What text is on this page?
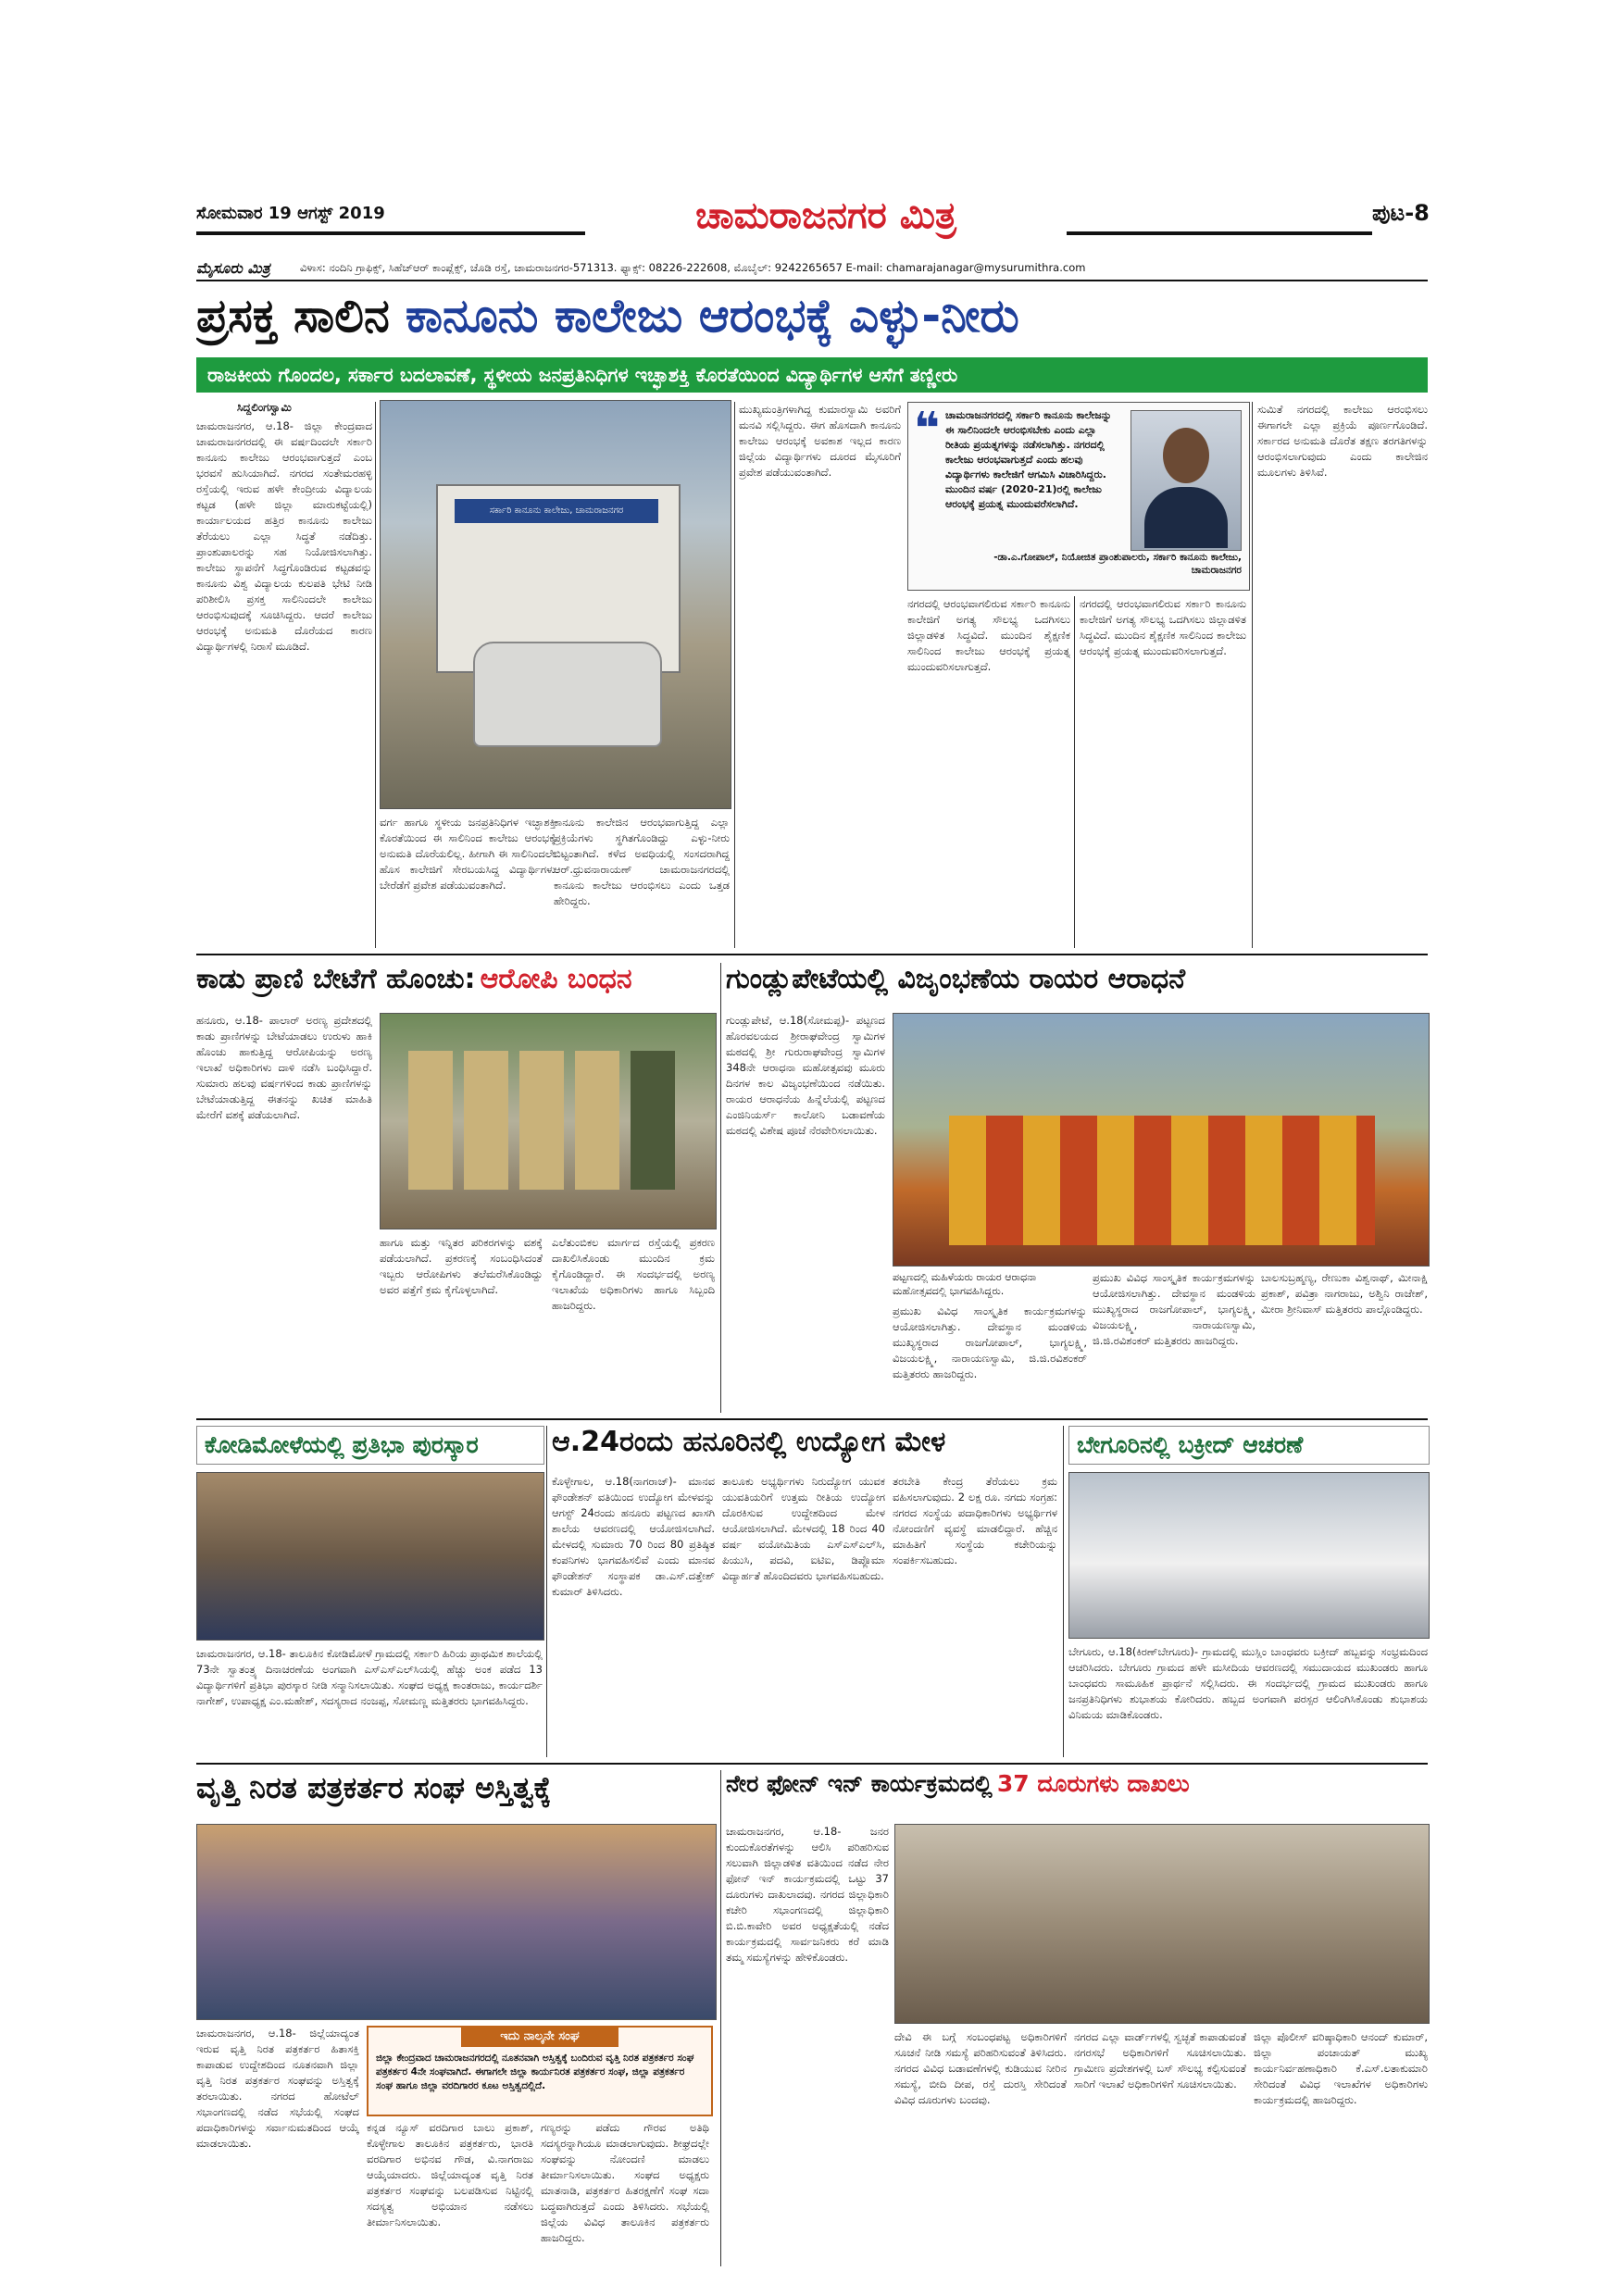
ಸೋಮವಾರ 19 ಆಗಸ್ಟ್ 2019	ಚಾಮರಾಜನಗರ ಮಿತ್ರ	ಪುಟ-8
ಮೈಸೂರು ಮಿತ್ರ	ವಿಳಾಸ: ನಂದಿನಿ ಗ್ರಾಫಿಕ್ಸ್, ಸಿಹೆಚ್ಆರ್ ಕಾಂಪ್ಲೆಕ್ಸ್, ಚೊಡಿ ರಸ್ತೆ, ಚಾಮರಾಜನಗರ-571313. ಫ್ಯಾಕ್ಸ್: 08226-222608, ಮೊಬೈಲ್: 9242265657 E-mail: chamarajanagar@mysurumithra.com
ಪ್ರಸಕ್ತ ಸಾಲಿನ ಕಾನೂನು ಕಾಲೇಜು ಆರಂಭಕ್ಕೆ ಎಳ್ಳು-ನೀರು
ರಾಜಕೀಯ ಗೊಂದಲ, ಸರ್ಕಾರ ಬದಲಾವಣೆ, ಸ್ಥಳೀಯ ಜನಪ್ರತಿನಿಧಿಗಳ ಇಚ್ಛಾಶಕ್ತಿ ಕೊರತೆಯಿಂದ ವಿದ್ಯಾರ್ಥಿಗಳ ಆಸೆಗೆ ತಣ್ಣೀರು
ಸಿದ್ದಲಿಂಗಸ್ವಾಮಿ
ಚಾಮರಾಜನಗರ, ಆ.18- ಜಿಲ್ಲಾ ಕೇಂದ್ರವಾದ ಚಾಮರಾಜನಗರದಲ್ಲಿ ಈ ವರ್ಷದಿಂದಲೇ ಸರ್ಕಾರಿ ಕಾನೂನು ಕಾಲೇಜು ಆರಂಭವಾಗುತ್ತದೆ ಎಂಬ ಭರವಸೆ ಹುಸಿಯಾಗಿದೆ. ನಗರದ ಸಂತೇಮರಹಳ್ಳಿ ರಸ್ತೆಯಲ್ಲಿ ಇರುವ ಹಳೇ ಕೇಂದ್ರೀಯ ವಿದ್ಯಾಲಯ ಕಟ್ಟಡ (ಹಳೇ ಜಿಲ್ಲಾ ಮಾರುಕಟ್ಟೆಯಲ್ಲಿ) ಕಾರ್ಯಾಲಯದ ಹತ್ತಿರ ಕಾನೂನು ಕಾಲೇಜು ತೆರೆಯಲು ಎಲ್ಲಾ ಸಿದ್ಧತೆ ನಡೆದಿತ್ತು. ಪ್ರಾಂಶುಪಾಲರನ್ನು ಸಹ ನಿಯೋಜಿಸಲಾಗಿತ್ತು. ಕಾಲೇಜು ಸ್ಥಾಪನೆಗೆ ಸಿದ್ಧಗೊಂಡಿರುವ ಕಟ್ಟಡವನ್ನು ಕಾನೂನು ವಿಶ್ವ ವಿದ್ಯಾಲಯ ಕುಲಪತಿ ಭೇಟಿ ನೀಡಿ ಪರಿಶೀಲಿಸಿ ಪ್ರಸಕ್ತ ಸಾಲಿನಿಂದಲೇ ಕಾಲೇಜು ಆರಂಭಿಸುವುದಕ್ಕೆ ಸೂಚಿಸಿದ್ದರು. ಆದರೆ ಕಾಲೇಜು ಆರಂಭಕ್ಕೆ ಅನುಮತಿ ದೊರೆಯದ ಕಾರಣ ವಿದ್ಯಾರ್ಥಿಗಳಲ್ಲಿ ನಿರಾಸೆ ಮೂಡಿದೆ.
ಸರ್ಕಾರಿ ಕಾನೂನು ಕಾಲೇಜು, ಚಾಮರಾಜನಗರ
ವರ್ಗ ಹಾಗೂ ಸ್ಥಳೀಯ ಜನಪ್ರತಿನಿಧಿಗಳ ಇಚ್ಛಾಶಕ್ತಿ ಕೊರತೆಯಿಂದ ಈ ಸಾಲಿನಿಂದ ಕಾಲೇಜು ಆರಂಭಕ್ಕೆ ಅನುಮತಿ ದೊರೆಯಲಿಲ್ಲ. ಹೀಗಾಗಿ ಈ ಸಾಲಿನಿಂದಲೇ ಹೊಸ ಕಾಲೇಜಿಗೆ ಸೇರಬಯಸಿದ್ದ ವಿದ್ಯಾರ್ಥಿಗಳು ಬೇರೆಡೆಗೆ ಪ್ರವೇಶ ಪಡೆಯುವಂತಾಗಿದೆ.
ಕಾನೂನು ಕಾಲೇಜಿನ ಆರಂಭವಾಗುತ್ತಿದ್ದ ಎಲ್ಲಾ ಪ್ರಕ್ರಿಯೆಗಳು ಸ್ಥಗಿತಗೊಂಡಿದ್ದು ಎಳ್ಳು-ನೀರು ಬಿಟ್ಟಂತಾಗಿದೆ. ಕಳೆದ ಅವಧಿಯಲ್ಲಿ ಸಂಸದರಾಗಿದ್ದ ಆರ್.ಧ್ರುವನಾರಾಯಣ್ ಚಾಮರಾಜನಗರದಲ್ಲಿ ಕಾನೂನು ಕಾಲೇಜು ಆರಂಭಿಸಲು ಎಂದು ಒತ್ತಡ ಹೇರಿದ್ದರು.
ಮುಖ್ಯಮಂತ್ರಿಗಳಾಗಿದ್ದ ಕುಮಾರಸ್ವಾಮಿ ಅವರಿಗೆ ಮನವಿ ಸಲ್ಲಿಸಿದ್ದರು. ಈಗ ಹೊಸದಾಗಿ ಕಾನೂನು ಕಾಲೇಜು ಆರಂಭಕ್ಕೆ ಅವಕಾಶ ಇಲ್ಲದ ಕಾರಣ ಜಿಲ್ಲೆಯ ವಿದ್ಯಾರ್ಥಿಗಳು ದೂರದ ಮೈಸೂರಿಗೆ ಪ್ರವೇಶ ಪಡೆಯುವಂತಾಗಿದೆ.
❝ ಚಾಮರಾಜನಗರದಲ್ಲಿ ಸರ್ಕಾರಿ ಕಾನೂನು ಕಾಲೇಜನ್ನು ಈ ಸಾಲಿನಿಂದಲೇ ಆರಂಭಿಸಬೇಕು ಎಂದು ಎಲ್ಲಾ ರೀತಿಯ ಪ್ರಯತ್ನಗಳನ್ನು ನಡೆಸಲಾಗಿತ್ತು. ನಗರದಲ್ಲಿ ಕಾಲೇಜು ಆರಂಭವಾಗುತ್ತದೆ ಎಂದು ಹಲವು ವಿದ್ಯಾರ್ಥಿಗಳು ಕಾಲೇಜಿಗೆ ಆಗಮಿಸಿ ವಿಚಾರಿಸಿದ್ದರು. ಮುಂದಿನ ವರ್ಷ (2020-21)ರಲ್ಲಿ ಕಾಲೇಜು ಆರಂಭಕ್ಕೆ ಪ್ರಯತ್ನ ಮುಂದುವರೆಸಲಾಗಿದೆ.
-ಡಾ.ಎ.ಗೋಪಾಲ್, ನಿಯೋಜಿತ ಪ್ರಾಂಶುಪಾಲರು, ಸರ್ಕಾರಿ ಕಾನೂನು ಕಾಲೇಜು, ಚಾಮರಾಜನಗರ
ನಗರದಲ್ಲಿ ಆರಂಭವಾಗಲಿರುವ ಸರ್ಕಾರಿ ಕಾನೂನು ಕಾಲೇಜಿಗೆ ಅಗತ್ಯ ಸೌಲಭ್ಯ ಒದಗಿಸಲು ಜಿಲ್ಲಾಡಳಿತ ಸಿದ್ಧವಿದೆ. ಮುಂದಿನ ಶೈಕ್ಷಣಿಕ ಸಾಲಿನಿಂದ ಕಾಲೇಜು ಆರಂಭಕ್ಕೆ ಪ್ರಯತ್ನ ಮುಂದುವರಿಸಲಾಗುತ್ತದೆ.
ನಗರದಲ್ಲಿ ಆರಂಭವಾಗಲಿರುವ ಸರ್ಕಾರಿ ಕಾನೂನು ಕಾಲೇಜಿಗೆ ಅಗತ್ಯ ಸೌಲಭ್ಯ ಒದಗಿಸಲು ಜಿಲ್ಲಾಡಳಿತ ಸಿದ್ಧವಿದೆ. ಮುಂದಿನ ಶೈಕ್ಷಣಿಕ ಸಾಲಿನಿಂದ ಕಾಲೇಜು ಆರಂಭಕ್ಕೆ ಪ್ರಯತ್ನ ಮುಂದುವರಿಸಲಾಗುತ್ತದೆ.
ಸುಮಿತೆ ನಗರದಲ್ಲಿ ಕಾಲೇಜು ಆರಂಭಿಸಲು ಈಗಾಗಲೇ ಎಲ್ಲಾ ಪ್ರಕ್ರಿಯೆ ಪೂರ್ಣಗೊಂಡಿದೆ. ಸರ್ಕಾರದ ಅನುಮತಿ ದೊರೆತ ತಕ್ಷಣ ತರಗತಿಗಳನ್ನು ಆರಂಭಿಸಲಾಗುವುದು ಎಂದು ಕಾಲೇಜಿನ ಮೂಲಗಳು ತಿಳಿಸಿವೆ.
ಕಾಡು ಪ್ರಾಣಿ ಬೇಟೆಗೆ ಹೊಂಚು: ಆರೋಪಿ ಬಂಧನ
ಹನೂರು, ಆ.18- ಪಾಲಾರ್ ಅರಣ್ಯ ಪ್ರದೇಶದಲ್ಲಿ ಕಾಡು ಪ್ರಾಣಿಗಳನ್ನು ಬೇಟೆಯಾಡಲು ಉರುಳು ಹಾಕಿ ಹೊಂಚು ಹಾಕುತ್ತಿದ್ದ ಆರೋಪಿಯನ್ನು ಅರಣ್ಯ ಇಲಾಖೆ ಅಧಿಕಾರಿಗಳು ದಾಳಿ ನಡೆಸಿ ಬಂಧಿಸಿದ್ದಾರೆ. ಸುಮಾರು ಹಲವು ವರ್ಷಗಳಿಂದ ಕಾಡು ಪ್ರಾಣಿಗಳನ್ನು ಬೇಟೆಯಾಡುತ್ತಿದ್ದ ಈತನನ್ನು ಖಚಿತ ಮಾಹಿತಿ ಮೇರೆಗೆ ವಶಕ್ಕೆ ಪಡೆಯಲಾಗಿದೆ.
ಹಾಗೂ ಮತ್ತು ಇನ್ನಿತರ ಪರಿಕರಗಳನ್ನು ವಶಕ್ಕೆ ಪಡೆಯಲಾಗಿದೆ. ಪ್ರಕರಣಕ್ಕೆ ಸಂಬಂಧಿಸಿದಂತೆ ಇಬ್ಬರು ಆರೋಪಿಗಳು ತಲೆಮರೆಸಿಕೊಂಡಿದ್ದು ಅವರ ಪತ್ತೆಗೆ ಕ್ರಮ ಕೈಗೊಳ್ಳಲಾಗಿದೆ.
ಎಲೆತುಂಬಿಕಲ ಮಾರ್ಗದ ರಸ್ತೆಯಲ್ಲಿ ಪ್ರಕರಣ ದಾಖಲಿಸಿಕೊಂಡು ಮುಂದಿನ ಕ್ರಮ ಕೈಗೊಂಡಿದ್ದಾರೆ. ಈ ಸಂದರ್ಭದಲ್ಲಿ ಅರಣ್ಯ ಇಲಾಖೆಯ ಅಧಿಕಾರಿಗಳು ಹಾಗೂ ಸಿಬ್ಬಂದಿ ಹಾಜರಿದ್ದರು.
ಗುಂಡ್ಲುಪೇಟೆಯಲ್ಲಿ ವಿಜೃಂಭಣೆಯ ರಾಯರ ಆರಾಧನೆ
ಗುಂಡ್ಲುಪೇಟೆ, ಆ.18(ಸೋಮಪ್ಪ)- ಪಟ್ಟಣದ ಹೊರವಲಯದ ಶ್ರೀರಾಘವೇಂದ್ರ ಸ್ವಾಮಿಗಳ ಮಠದಲ್ಲಿ ಶ್ರೀ ಗುರುರಾಘವೇಂದ್ರ ಸ್ವಾಮಿಗಳ 348ನೇ ಆರಾಧನಾ ಮಹೋತ್ಸವವು ಮೂರು ದಿನಗಳ ಕಾಲ ವಿಜೃಂಭಣೆಯಿಂದ ನಡೆಯಿತು. ರಾಯರ ಆರಾಧನೆಯ ಹಿನ್ನೆಲೆಯಲ್ಲಿ ಪಟ್ಟಣದ ಎಂಜಿನಿಯರ್ಸ್ ಕಾಲೋನಿ ಬಡಾವಣೆಯ ಮಠದಲ್ಲಿ ವಿಶೇಷ ಪೂಜೆ ನೆರವೇರಿಸಲಾಯಿತು.
ಪಟ್ಟಣದಲ್ಲಿ ಮಹಿಳೆಯರು ರಾಯರ ಆರಾಧನಾ ಮಹೋತ್ಸವದಲ್ಲಿ ಭಾಗವಹಿಸಿದ್ದರು.
ಪ್ರಮುಖ ವಿವಿಧ ಸಾಂಸ್ಕೃತಿಕ ಕಾರ್ಯಕ್ರಮಗಳನ್ನು ಆಯೋಜಿಸಲಾಗಿತ್ತು. ದೇವಸ್ಥಾನ ಮಂಡಳಿಯ ಮುಖ್ಯಸ್ಥರಾದ ರಾಜಗೋಪಾಲ್, ಭಾಗ್ಯಲಕ್ಷ್ಮಿ, ವಿಜಯಲಕ್ಷ್ಮಿ, ನಾರಾಯಣಸ್ವಾಮಿ, ಜಿ.ಜಿ.ರವಿಶಂಕರ್ ಮತ್ತಿತರರು ಹಾಜರಿದ್ದರು.
ಪ್ರಮುಖ ವಿವಿಧ ಸಾಂಸ್ಕೃತಿಕ ಕಾರ್ಯಕ್ರಮಗಳನ್ನು ಆಯೋಜಿಸಲಾಗಿತ್ತು. ದೇವಸ್ಥಾನ ಮಂಡಳಿಯ ಮುಖ್ಯಸ್ಥರಾದ ರಾಜಗೋಪಾಲ್, ಭಾಗ್ಯಲಕ್ಷ್ಮಿ, ವಿಜಯಲಕ್ಷ್ಮಿ, ನಾರಾಯಣಸ್ವಾಮಿ, ಜಿ.ಜಿ.ರವಿಶಂಕರ್ ಮತ್ತಿತರರು ಹಾಜರಿದ್ದರು.
ಬಾಲಸುಬ್ರಹ್ಮಣ್ಯ, ರೇಣುಕಾ ವಿಶ್ವನಾಥ್, ಮೀನಾಕ್ಷಿ ಪ್ರಕಾಶ್, ಪವಿತ್ರಾ ನಾಗರಾಜು, ಅಶ್ವಿನಿ ರಾಜೇಶ್, ಮೀರಾ ಶ್ರೀನಿವಾಸ್ ಮತ್ತಿತರರು ಪಾಲ್ಗೊಂಡಿದ್ದರು.
ಕೋಡಿಮೋಳೆಯಲ್ಲಿ ಪ್ರತಿಭಾ ಪುರಸ್ಕಾರ
ಚಾಮರಾಜನಗರ, ಆ.18- ತಾಲೂಕಿನ ಕೋಡಿಮೋಳೆ ಗ್ರಾಮದಲ್ಲಿ ಸರ್ಕಾರಿ ಹಿರಿಯ ಪ್ರಾಥಮಿಕ ಶಾಲೆಯಲ್ಲಿ 73ನೇ ಸ್ವಾತಂತ್ರ್ಯ ದಿನಾಚರಣೆಯ ಅಂಗವಾಗಿ ಎಸ್ಎಸ್ಎಲ್‌ಸಿಯಲ್ಲಿ ಹೆಚ್ಚು ಅಂಕ ಪಡೆದ 13 ವಿದ್ಯಾರ್ಥಿಗಳಿಗೆ ಪ್ರತಿಭಾ ಪುರಸ್ಕಾರ ನೀಡಿ ಸನ್ಮಾನಿಸಲಾಯಿತು. ಸಂಘದ ಅಧ್ಯಕ್ಷ ಕಾಂತರಾಜು, ಕಾರ್ಯದರ್ಶಿ ನಾಗೇಶ್, ಉಪಾಧ್ಯಕ್ಷ ಎಂ.ಮಹೇಶ್, ಸದಸ್ಯರಾದ ನಂಜಪ್ಪ, ಸೋಮಣ್ಣ ಮತ್ತಿತರರು ಭಾಗವಹಿಸಿದ್ದರು.
ಆ.24ರಂದು ಹನೂರಿನಲ್ಲಿ ಉದ್ಯೋಗ ಮೇಳ
ಕೊಳ್ಳೇಗಾಲ, ಆ.18(ನಾಗರಾಜ್)- ಮಾನವ ಫೌಂಡೇಶನ್ ವತಿಯಿಂದ ಉದ್ಯೋಗ ಮೇಳವನ್ನು ಆಗಸ್ಟ್ 24ರಂದು ಹನೂರು ಪಟ್ಟಣದ ಖಾಸಗಿ ಶಾಲೆಯ ಆವರಣದಲ್ಲಿ ಆಯೋಜಿಸಲಾಗಿದೆ. ಮೇಳದಲ್ಲಿ ಸುಮಾರು 70 ರಿಂದ 80 ಪ್ರತಿಷ್ಠಿತ ಕಂಪನಿಗಳು ಭಾಗವಹಿಸಲಿವೆ ಎಂದು ಮಾನವ ಫೌಂಡೇಶನ್ ಸಂಸ್ಥಾಪಕ ಡಾ.ಎಸ್.ದತ್ತೇಶ್ ಕುಮಾರ್ ತಿಳಿಸಿದರು.
ತಾಲೂಕು ಅಭ್ಯರ್ಥಿಗಳು ನಿರುದ್ಯೋಗ ಯುವಕ ಯುವತಿಯರಿಗೆ ಉತ್ತಮ ರೀತಿಯ ಉದ್ಯೋಗ ದೊರಕಿಸುವ ಉದ್ದೇಶದಿಂದ ಮೇಳ ಆಯೋಜಿಸಲಾಗಿದೆ. ಮೇಳದಲ್ಲಿ 18 ರಿಂದ 40 ವರ್ಷ ವಯೋಮಿತಿಯ ಎಸ್ಎಸ್ಎಲ್‌ಸಿ, ಪಿಯುಸಿ, ಪದವಿ, ಐಟಿಐ, ಡಿಪ್ಲೊಮಾ ವಿದ್ಯಾರ್ಹತೆ ಹೊಂದಿದವರು ಭಾಗವಹಿಸಬಹುದು.
ತರಬೇತಿ ಕೇಂದ್ರ ತೆರೆಯಲು ಕ್ರಮ ವಹಿಸಲಾಗುವುದು. 2 ಲಕ್ಷ ರೂ. ನಗದು ಸಂಗ್ರಹ: ನಗರದ ಸಂಸ್ಥೆಯ ಪದಾಧಿಕಾರಿಗಳು ಅಭ್ಯರ್ಥಿಗಳ ನೋಂದಣಿಗೆ ವ್ಯವಸ್ಥೆ ಮಾಡಲಿದ್ದಾರೆ. ಹೆಚ್ಚಿನ ಮಾಹಿತಿಗೆ ಸಂಸ್ಥೆಯ ಕಚೇರಿಯನ್ನು ಸಂಪರ್ಕಿಸಬಹುದು.
ಬೇಗೂರಿನಲ್ಲಿ ಬಕ್ರೀದ್ ಆಚರಣೆ
ಬೇಗೂರು, ಆ.18(ಕಿರಣ್‌ಬೇಗೂರು)- ಗ್ರಾಮದಲ್ಲಿ ಮುಸ್ಲಿಂ ಬಾಂಧವರು ಬಕ್ರೀದ್ ಹಬ್ಬವನ್ನು ಸಂಭ್ರಮದಿಂದ ಆಚರಿಸಿದರು. ಬೇಗೂರು ಗ್ರಾಮದ ಹಳೇ ಮಸೀದಿಯ ಆವರಣದಲ್ಲಿ ಸಮುದಾಯದ ಮುಖಂಡರು ಹಾಗೂ ಬಾಂಧವರು ಸಾಮೂಹಿಕ ಪ್ರಾರ್ಥನೆ ಸಲ್ಲಿಸಿದರು. ಈ ಸಂದರ್ಭದಲ್ಲಿ ಗ್ರಾಮದ ಮುಖಂಡರು ಹಾಗೂ ಜನಪ್ರತಿನಿಧಿಗಳು ಶುಭಾಶಯ ಕೋರಿದರು. ಹಬ್ಬದ ಅಂಗವಾಗಿ ಪರಸ್ಪರ ಆಲಿಂಗಿಸಿಕೊಂಡು ಶುಭಾಶಯ ವಿನಿಮಯ ಮಾಡಿಕೊಂಡರು.
ವೃತ್ತಿ ನಿರತ ಪತ್ರಕರ್ತರ ಸಂಘ ಅಸ್ತಿತ್ವಕ್ಕೆ
ಚಾಮರಾಜನಗರ, ಆ.18- ಜಿಲ್ಲೆಯಾದ್ಯಂತ ಇರುವ ವೃತ್ತಿ ನಿರತ ಪತ್ರಕರ್ತರ ಹಿತಾಸಕ್ತಿ ಕಾಪಾಡುವ ಉದ್ದೇಶದಿಂದ ನೂತನವಾಗಿ ಜಿಲ್ಲಾ ವೃತ್ತಿ ನಿರತ ಪತ್ರಕರ್ತರ ಸಂಘವನ್ನು ಅಸ್ತಿತ್ವಕ್ಕೆ ತರಲಾಯಿತು. ನಗರದ ಹೋಟೆಲ್ ಸಭಾಂಗಣದಲ್ಲಿ ನಡೆದ ಸಭೆಯಲ್ಲಿ ಸಂಘದ ಪದಾಧಿಕಾರಿಗಳನ್ನು ಸರ್ವಾನುಮತದಿಂದ ಆಯ್ಕೆ ಮಾಡಲಾಯಿತು.
ಇದು ನಾಲ್ಕನೇ ಸಂಘ
ಜಿಲ್ಲಾ ಕೇಂದ್ರವಾದ ಚಾಮರಾಜನಗರದಲ್ಲಿ ನೂತನವಾಗಿ ಅಸ್ತಿತ್ವಕ್ಕೆ ಬಂದಿರುವ ವೃತ್ತಿ ನಿರತ ಪತ್ರಕರ್ತರ ಸಂಘ ಪತ್ರಕರ್ತರ 4ನೇ ಸಂಘವಾಗಿದೆ. ಈಗಾಗಲೇ ಜಿಲ್ಲಾ ಕಾರ್ಯನಿರತ ಪತ್ರಕರ್ತರ ಸಂಘ, ಜಿಲ್ಲಾ ಪತ್ರಕರ್ತರ ಸಂಘ ಹಾಗೂ ಜಿಲ್ಲಾ ವರದಿಗಾರರ ಕೂಟ ಅಸ್ತಿತ್ವದಲ್ಲಿದೆ.
ಕನ್ನಡ ನ್ಯೂಸ್ ವರದಿಗಾರ ಬಾಲು ಪ್ರಕಾಶ್, ಕೊಳ್ಳೇಗಾಲ ತಾಲೂಕಿನ ಪತ್ರಕರ್ತರು, ಭಾರತಿ ವರದಿಗಾರ ಅಭಿನವ ಗೌಡ, ವಿ.ನಾಗರಾಜು ಆಯ್ಕೆಯಾದರು. ಜಿಲ್ಲೆಯಾದ್ಯಂತ ವೃತ್ತಿ ನಿರತ ಪತ್ರಕರ್ತರ ಸಂಘವನ್ನು ಬಲಪಡಿಸುವ ನಿಟ್ಟಿನಲ್ಲಿ ಸದಸ್ಯತ್ವ ಅಭಿಯಾನ ನಡೆಸಲು ತೀರ್ಮಾನಿಸಲಾಯಿತು.
ಗಣ್ಯರನ್ನು ಪಡೆದು ಗೌರವ ಅತಿಥಿ ಸದಸ್ಯರನ್ನಾಗಿಯೂ ಮಾಡಲಾಗುವುದು. ಶೀಘ್ರದಲ್ಲೇ ಸಂಘವನ್ನು ನೋಂದಣಿ ಮಾಡಲು ತೀರ್ಮಾನಿಸಲಾಯಿತು. ಸಂಘದ ಅಧ್ಯಕ್ಷರು ಮಾತನಾಡಿ, ಪತ್ರಕರ್ತರ ಹಿತರಕ್ಷಣೆಗೆ ಸಂಘ ಸದಾ ಬದ್ಧವಾಗಿರುತ್ತದೆ ಎಂದು ತಿಳಿಸಿದರು. ಸಭೆಯಲ್ಲಿ ಜಿಲ್ಲೆಯ ವಿವಿಧ ತಾಲೂಕಿನ ಪತ್ರಕರ್ತರು ಹಾಜರಿದ್ದರು.
ನೇರ ಫೋನ್ ಇನ್ ಕಾರ್ಯಕ್ರಮದಲ್ಲಿ 37 ದೂರುಗಳು ದಾಖಲು
ಚಾಮರಾಜನಗರ, ಆ.18- ಜನರ ಕುಂದುಕೊರತೆಗಳನ್ನು ಆಲಿಸಿ ಪರಿಹರಿಸುವ ಸಲುವಾಗಿ ಜಿಲ್ಲಾಡಳಿತ ವತಿಯಿಂದ ನಡೆದ ನೇರ ಫೋನ್ ಇನ್ ಕಾರ್ಯಕ್ರಮದಲ್ಲಿ ಒಟ್ಟು 37 ದೂರುಗಳು ದಾಖಲಾದವು. ನಗರದ ಜಿಲ್ಲಾಧಿಕಾರಿ ಕಚೇರಿ ಸಭಾಂಗಣದಲ್ಲಿ ಜಿಲ್ಲಾಧಿಕಾರಿ ಬಿ.ಬಿ.ಕಾವೇರಿ ಅವರ ಅಧ್ಯಕ್ಷತೆಯಲ್ಲಿ ನಡೆದ ಕಾರ್ಯಕ್ರಮದಲ್ಲಿ ಸಾರ್ವಜನಿಕರು ಕರೆ ಮಾಡಿ ತಮ್ಮ ಸಮಸ್ಯೆಗಳನ್ನು ಹೇಳಿಕೊಂಡರು.
ದೇವಿ ಈ ಬಗ್ಗೆ ಸಂಬಂಧಪಟ್ಟ ಅಧಿಕಾರಿಗಳಿಗೆ ಸೂಚನೆ ನೀಡಿ ಸಮಸ್ಯೆ ಪರಿಹರಿಸುವಂತೆ ತಿಳಿಸಿದರು. ನಗರದ ವಿವಿಧ ಬಡಾವಣೆಗಳಲ್ಲಿ ಕುಡಿಯುವ ನೀರಿನ ಸಮಸ್ಯೆ, ಬೀದಿ ದೀಪ, ರಸ್ತೆ ದುರಸ್ತಿ ಸೇರಿದಂತೆ ವಿವಿಧ ದೂರುಗಳು ಬಂದವು.
ನಗರದ ಎಲ್ಲಾ ವಾರ್ಡ್‌ಗಳಲ್ಲಿ ಸ್ವಚ್ಛತೆ ಕಾಪಾಡುವಂತೆ ನಗರಸಭೆ ಅಧಿಕಾರಿಗಳಿಗೆ ಸೂಚಿಸಲಾಯಿತು. ಗ್ರಾಮೀಣ ಪ್ರದೇಶಗಳಲ್ಲಿ ಬಸ್ ಸೌಲಭ್ಯ ಕಲ್ಪಿಸುವಂತೆ ಸಾರಿಗೆ ಇಲಾಖೆ ಅಧಿಕಾರಿಗಳಿಗೆ ಸೂಚಿಸಲಾಯಿತು.
ಜಿಲ್ಲಾ ಪೊಲೀಸ್ ವರಿಷ್ಠಾಧಿಕಾರಿ ಆನಂದ್ ಕುಮಾರ್, ಜಿಲ್ಲಾ ಪಂಚಾಯತ್ ಮುಖ್ಯ ಕಾರ್ಯನಿರ್ವಹಣಾಧಿಕಾರಿ ಕೆ.ಎಸ್.ಲತಾಕುಮಾರಿ ಸೇರಿದಂತೆ ವಿವಿಧ ಇಲಾಖೆಗಳ ಅಧಿಕಾರಿಗಳು ಕಾರ್ಯಕ್ರಮದಲ್ಲಿ ಹಾಜರಿದ್ದರು.
